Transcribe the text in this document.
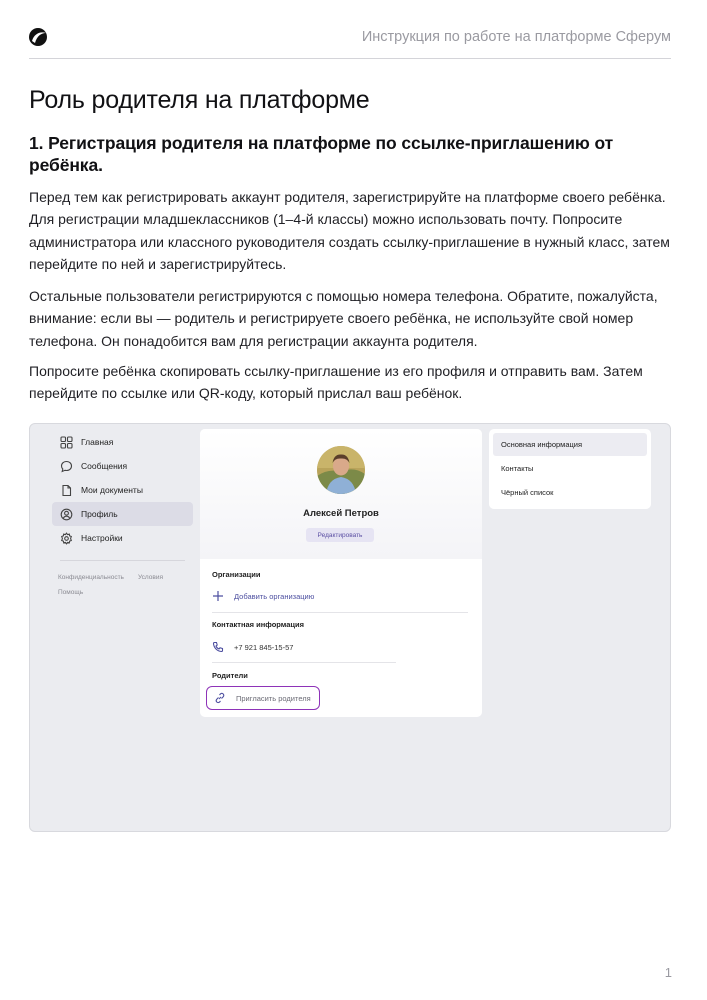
Инструкция по работе на платформе Сферум
Роль родителя на платформе
1. Регистрация родителя на платформе по ссылке-приглашению от ребёнка.

Перед тем как регистрировать аккаунт родителя, зарегистрируйте на платформе своего ребёнка. Для регистрации младшеклассников (1–4-й классы) можно использовать почту. Попросите администратора или классного руководителя создать ссылку-приглашение в нужный класс, затем перейдите по ней и зарегистрируйтесь.

Остальные пользователи регистрируются с помощью номера телефона. Обратите, пожалуйста, внимание: если вы — родитель и регистрируете своего ребёнка, не используйте свой номер телефона. Он понадобится вам для регистрации аккаунта родителя.

Попросите ребёнка скопировать ссылку-приглашение из его профиля и отправить вам. Затем перейдите по ссылке или QR-коду, который прислал ваш ребёнок.

Главная
Сообщения
Мои документы
Профиль
Настройки
Конфиденциальность Условия
Помощь
Алексей Петров
Редактировать
Организации
Добавить организацию
Контактная информация
+7 921 845-15-57
Родители
Пригласить родителя
Основная информация
Контакты
Чёрный список
1
